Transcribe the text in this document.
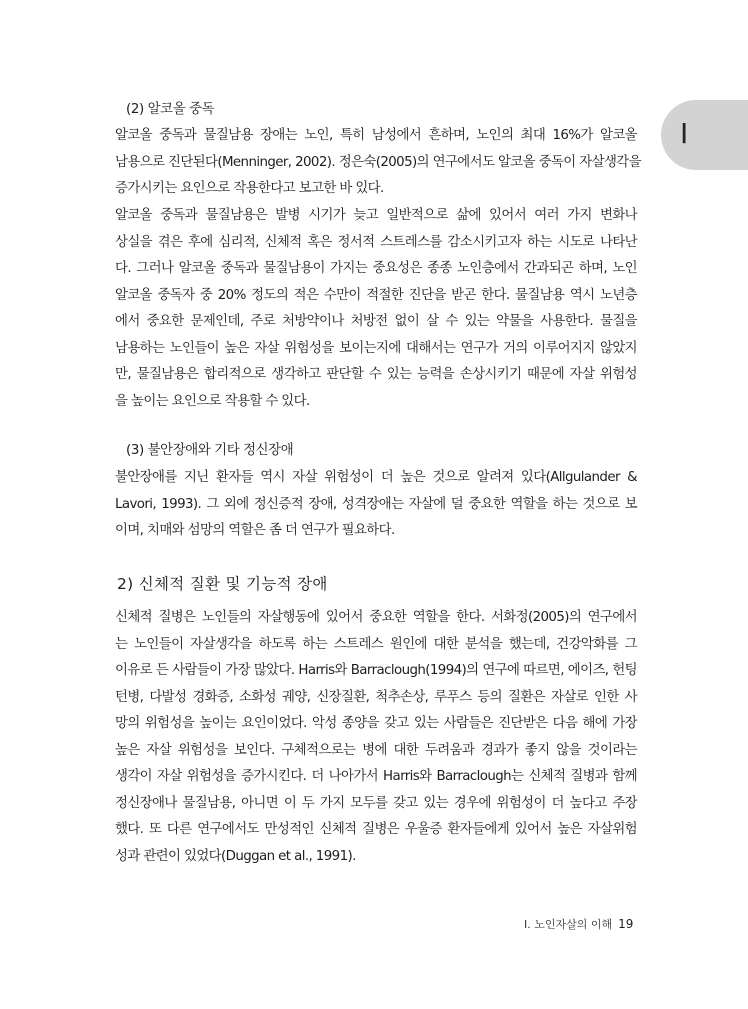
I
(2) 알코올 중독
알코올 중독과 물질남용 장애는 노인, 특히 남성에서 흔하며, 노인의 최대 16%가 알코올
남용으로 진단된다(Menninger, 2002). 정은숙(2005)의 연구에서도 알코올 중독이 자살생각을
증가시키는 요인으로 작용한다고 보고한 바 있다.
알코올 중독과 물질남용은 발병 시기가 늦고 일반적으로 삶에 있어서 여러 가지 변화나
상실을 겪은 후에 심리적, 신체적 혹은 정서적 스트레스를 감소시키고자 하는 시도로 나타난
다. 그러나 알코올 중독과 물질남용이 가지는 중요성은 종종 노인층에서 간과되곤 하며, 노인
알코올 중독자 중 20% 정도의 적은 수만이 적절한 진단을 받곤 한다. 물질남용 역시 노년층
에서 중요한 문제인데, 주로 처방약이나 처방전 없이 살 수 있는 약물을 사용한다. 물질을
남용하는 노인들이 높은 자살 위험성을 보이는지에 대해서는 연구가 거의 이루어지지 않았지
만, 물질남용은 합리적으로 생각하고 판단할 수 있는 능력을 손상시키기 때문에 자살 위험성
을 높이는 요인으로 작용할 수 있다.
(3) 불안장애와 기타 정신장애
불안장애를 지닌 환자들 역시 자살 위험성이 더 높은 것으로 알려져 있다(Allgulander &
Lavori, 1993). 그 외에 정신증적 장애, 성격장애는 자살에 덜 중요한 역할을 하는 것으로 보
이며, 치매와 섬망의 역할은 좀 더 연구가 필요하다.
2) 신체적 질환 및 기능적 장애
신체적 질병은 노인들의 자살행동에 있어서 중요한 역할을 한다. 서화정(2005)의 연구에서
는 노인들이 자살생각을 하도록 하는 스트레스 원인에 대한 분석을 했는데, 건강악화를 그
이유로 든 사람들이 가장 많았다. Harris와 Barraclough(1994)의 연구에 따르면, 에이즈, 헌팅
턴병, 다발성 경화증, 소화성 궤양, 신장질환, 척추손상, 루푸스 등의 질환은 자살로 인한 사
망의 위험성을 높이는 요인이었다. 악성 종양을 갖고 있는 사람들은 진단받은 다음 해에 가장
높은 자살 위험성을 보인다. 구체적으로는 병에 대한 두려움과 경과가 좋지 않을 것이라는
생각이 자살 위험성을 증가시킨다. 더 나아가서 Harris와 Barraclough는 신체적 질병과 함께
정신장애나 물질남용, 아니면 이 두 가지 모두를 갖고 있는 경우에 위험성이 더 높다고 주장
했다. 또 다른 연구에서도 만성적인 신체적 질병은 우울증 환자들에게 있어서 높은 자살위험
성과 관련이 있었다(Duggan et al., 1991).
Ⅰ. 노인자살의 이해 19
